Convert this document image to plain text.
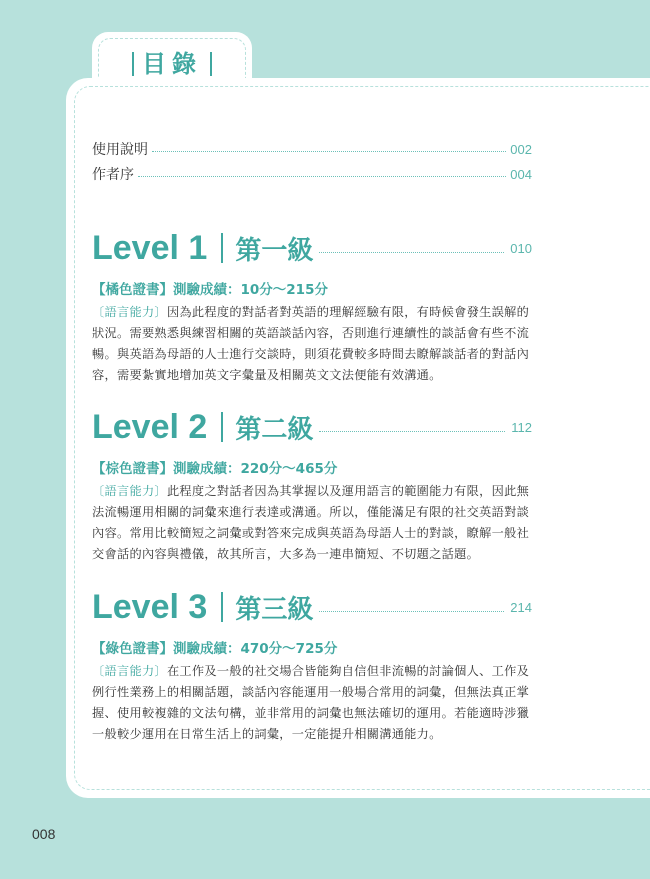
目錄
使用說明	002
作者序	004
Level 1 第一級	010
【橘色證書】測驗成績：10分～215分
〔語言能力〕因為此程度的對話者對英語的理解經驗有限，有時候會發生誤解的狀況。需要熟悉與練習相關的英語談話內容，否則進行連續性的談話會有些不流暢。與英語為母語的人士進行交談時，則須花費較多時間去瞭解談話者的對話內容，需要紮實地增加英文字彙量及相關英文文法便能有效溝通。
Level 2 第二級	112
【棕色證書】測驗成績：220分～465分
〔語言能力〕此程度之對話者因為其掌握以及運用語言的範圍能力有限，因此無法流暢運用相關的詞彙來進行表達或溝通。所以，僅能滿足有限的社交英語對談內容。常用比較簡短之詞彙或對答來完成與英語為母語人士的對談，瞭解一般社交會話的內容與禮儀，故其所言，大多為一連串簡短、不切題之話題。
Level 3 第三級	214
【綠色證書】測驗成績：470分～725分
〔語言能力〕在工作及一般的社交場合皆能夠自信但非流暢的討論個人、工作及例行性業務上的相關話題，談話內容能運用一般場合常用的詞彙，但無法真正掌握、使用較複雜的文法句構，並非常用的詞彙也無法確切的運用。若能適時涉獵一般較少運用在日常生活上的詞彙，一定能提升相關溝通能力。
008
